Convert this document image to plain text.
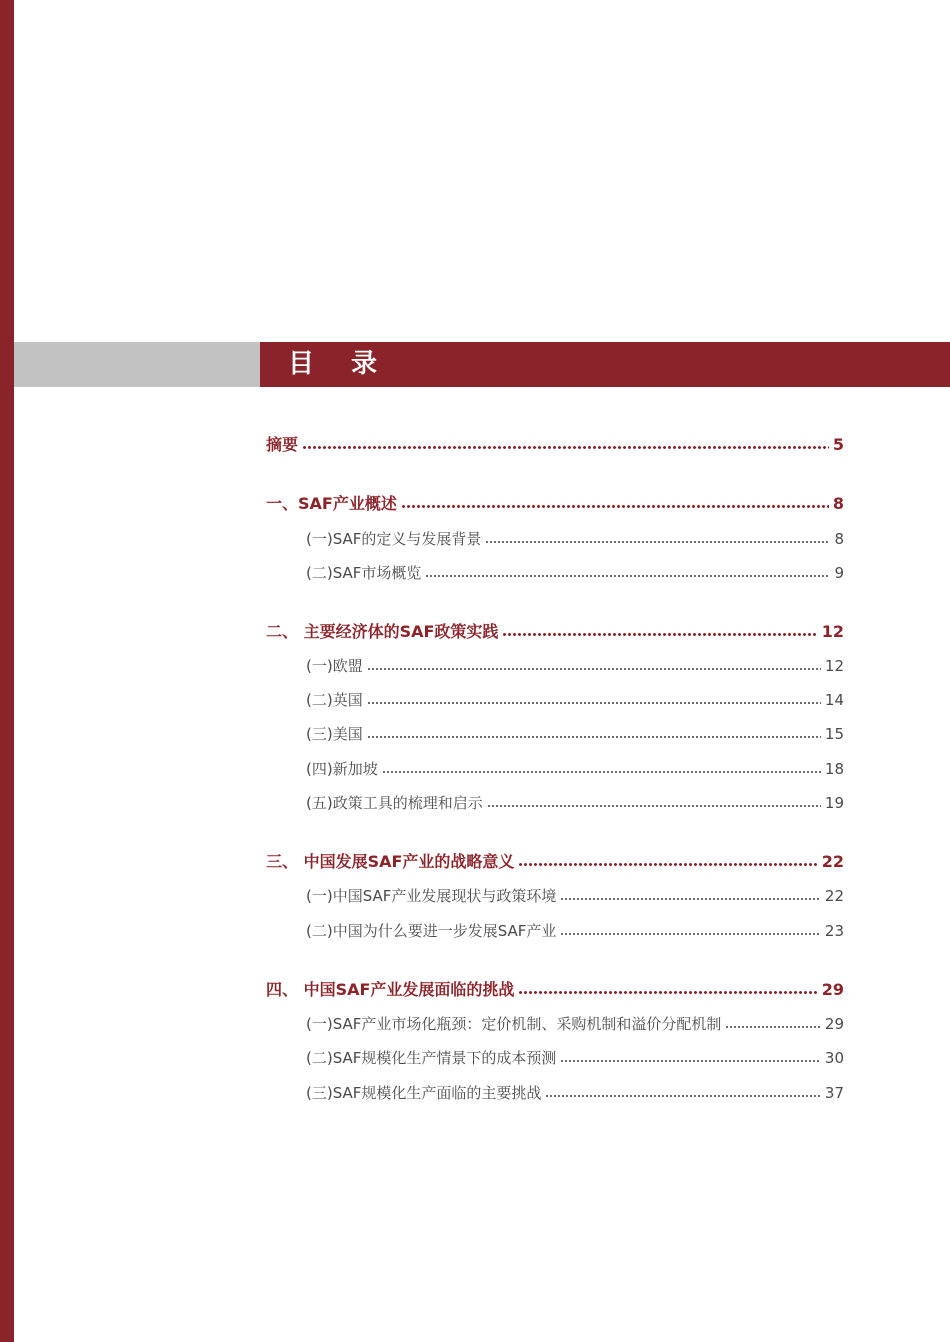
目 录
摘要	5
一、SAF产业概述	8
(一)SAF的定义与发展背景	8
(二)SAF市场概览	9
二、 主要经济体的SAF政策实践	12
(一)欧盟	12
(二)英国	14
(三)美国	15
(四)新加坡	18
(五)政策工具的梳理和启示	19
三、 中国发展SAF产业的战略意义	22
(一)中国SAF产业发展现状与政策环境	22
(二)中国为什么要进一步发展SAF产业	23
四、 中国SAF产业发展面临的挑战	29
(一)SAF产业市场化瓶颈：定价机制、采购机制和溢价分配机制	29
(二)SAF规模化生产情景下的成本预测	30
(三)SAF规模化生产面临的主要挑战	37
